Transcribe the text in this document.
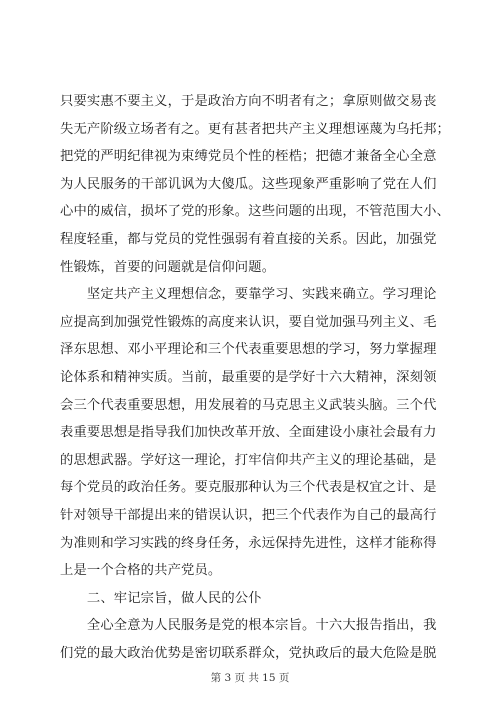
只要实惠不要主义，于是政治方向不明者有之；拿原则做交易丧
失无产阶级立场者有之。更有甚者把共产主义理想诬蔑为乌托邦；
把党的严明纪律视为束缚党员个性的桎梏；把德才兼备全心全意
为人民服务的干部讥讽为大傻瓜。这些现象严重影响了党在人们
心中的威信，损坏了党的形象。这些问题的出现，不管范围大小、
程度轻重，都与党员的党性强弱有着直接的关系。因此，加强党
性锻炼，首要的问题就是信仰问题。
　　坚定共产主义理想信念，要靠学习、实践来确立。学习理论
应提高到加强党性锻炼的高度来认识，要自觉加强马列主义、毛
泽东思想、邓小平理论和三个代表重要思想的学习，努力掌握理
论体系和精神实质。当前，最重要的是学好十六大精神，深刻领
会三个代表重要思想，用发展着的马克思主义武装头脑。三个代
表重要思想是指导我们加快改革开放、全面建设小康社会最有力
的思想武器。学好这一理论，打牢信仰共产主义的理论基础，是
每个党员的政治任务。要克服那种认为三个代表是权宜之计、是
针对领导干部提出来的错误认识，把三个代表作为自己的最高行
为准则和学习实践的终身任务，永远保持先进性，这样才能称得
上是一个合格的共产党员。
　　二、牢记宗旨，做人民的公仆
　　全心全意为人民服务是党的根本宗旨。十六大报告指出，我
们党的最大政治优势是密切联系群众，党执政后的最大危险是脱
第 3 页 共 15 页
